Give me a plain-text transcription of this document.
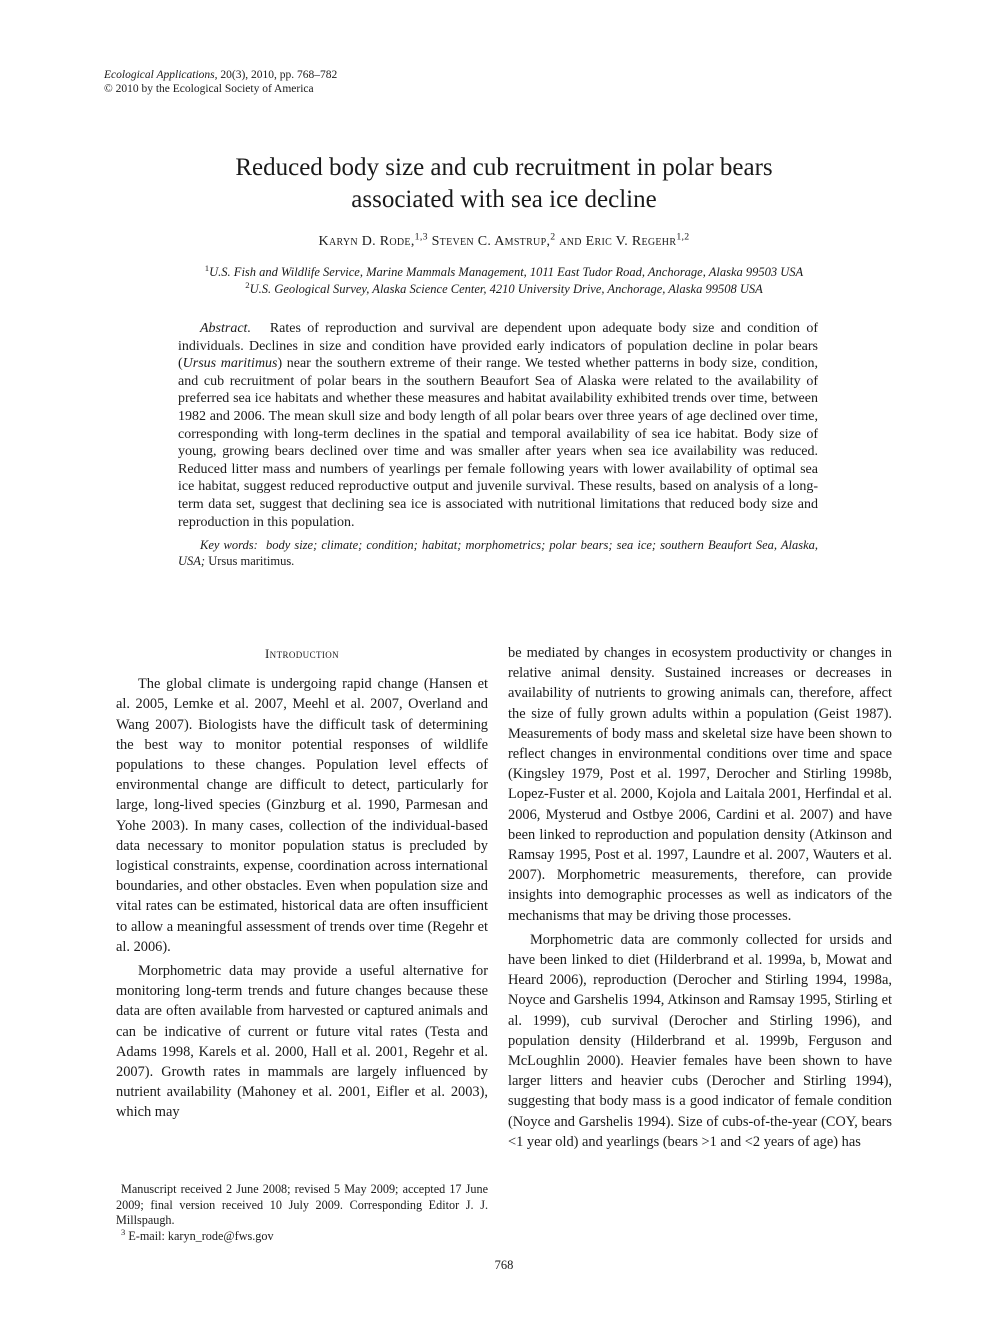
Ecological Applications, 20(3), 2010, pp. 768–782
© 2010 by the Ecological Society of America
Reduced body size and cub recruitment in polar bears
associated with sea ice decline
Karyn D. Rode,$^{1,3}$ Steven C. Amstrup,$^2$ and Eric V. Regehr$^{1,2}$
$^1$U.S. Fish and Wildlife Service, Marine Mammals Management, 1011 East Tudor Road, Anchorage, Alaska 99503 USA
$^2$U.S. Geological Survey, Alaska Science Center, 4210 University Drive, Anchorage, Alaska 99508 USA

Abstract. Rates of reproduction and survival are dependent upon adequate body size and condition of individuals. Declines in size and condition have provided early indicators of population decline in polar bears (Ursus maritimus) near the southern extreme of their range. We tested whether patterns in body size, condition, and cub recruitment of polar bears in the southern Beaufort Sea of Alaska were related to the availability of preferred sea ice habitats and whether these measures and habitat availability exhibited trends over time, between 1982 and 2006. The mean skull size and body length of all polar bears over three years of age declined over time, corresponding with long-term declines in the spatial and temporal availability of sea ice habitat. Body size of young, growing bears declined over time and was smaller after years when sea ice availability was reduced. Reduced litter mass and numbers of yearlings per female following years with lower availability of optimal sea ice habitat, suggest reduced reproductive output and juvenile survival. These results, based on analysis of a long-term data set, suggest that declining sea ice is associated with nutritional limitations that reduced body size and reproduction in this population.

Key words: body size; climate; condition; habitat; morphometrics; polar bears; sea ice; southern Beaufort Sea, Alaska, USA; Ursus maritimus.

Introduction

The global climate is undergoing rapid change (Hansen et al. 2005, Lemke et al. 2007, Meehl et al. 2007, Overland and Wang 2007). Biologists have the difficult task of determining the best way to monitor potential responses of wildlife populations to these changes. Population level effects of environmental change are difficult to detect, particularly for large, long-lived species (Ginzburg et al. 1990, Parmesan and Yohe 2003). In many cases, collection of the individual-based data necessary to monitor population status is precluded by logistical constraints, expense, coordination across international boundaries, and other obstacles. Even when population size and vital rates can be estimated, historical data are often insufficient to allow a meaningful assessment of trends over time (Regehr et al. 2006).

Morphometric data may provide a useful alternative for monitoring long-term trends and future changes because these data are often available from harvested or captured animals and can be indicative of current or future vital rates (Testa and Adams 1998, Karels et al. 2000, Hall et al. 2001, Regehr et al. 2007). Growth rates in mammals are largely influenced by nutrient availability (Mahoney et al. 2001, Eifler et al. 2003), which may

be mediated by changes in ecosystem productivity or changes in relative animal density. Sustained increases or decreases in availability of nutrients to growing animals can, therefore, affect the size of fully grown adults within a population (Geist 1987). Measurements of body mass and skeletal size have been shown to reflect changes in environmental conditions over time and space (Kingsley 1979, Post et al. 1997, Derocher and Stirling 1998b, Lopez-Fuster et al. 2000, Kojola and Laitala 2001, Herfindal et al. 2006, Mysterud and Ostbye 2006, Cardini et al. 2007) and have been linked to reproduction and population density (Atkinson and Ramsay 1995, Post et al. 1997, Laundre et al. 2007, Wauters et al. 2007). Morphometric measurements, therefore, can provide insights into demographic processes as well as indicators of the mechanisms that may be driving those processes.

Morphometric data are commonly collected for ursids and have been linked to diet (Hilderbrand et al. 1999a, b, Mowat and Heard 2006), reproduction (Derocher and Stirling 1994, 1998a, Noyce and Garshelis 1994, Atkinson and Ramsay 1995, Stirling et al. 1999), cub survival (Derocher and Stirling 1996), and population density (Hilderbrand et al. 1999b, Ferguson and McLoughlin 2000). Heavier females have been shown to have larger litters and heavier cubs (Derocher and Stirling 1994), suggesting that body mass is a good indicator of female condition (Noyce and Garshelis 1994). Size of cubs-of-the-year (COY, bears <1 year old) and yearlings (bears >1 and <2 years of age) has

Manuscript received 2 June 2008; revised 5 May 2009; accepted 17 June 2009; final version received 10 July 2009. Corresponding Editor J. J. Millspaugh.

$^3$ E-mail: karyn_rode@fws.gov

768
